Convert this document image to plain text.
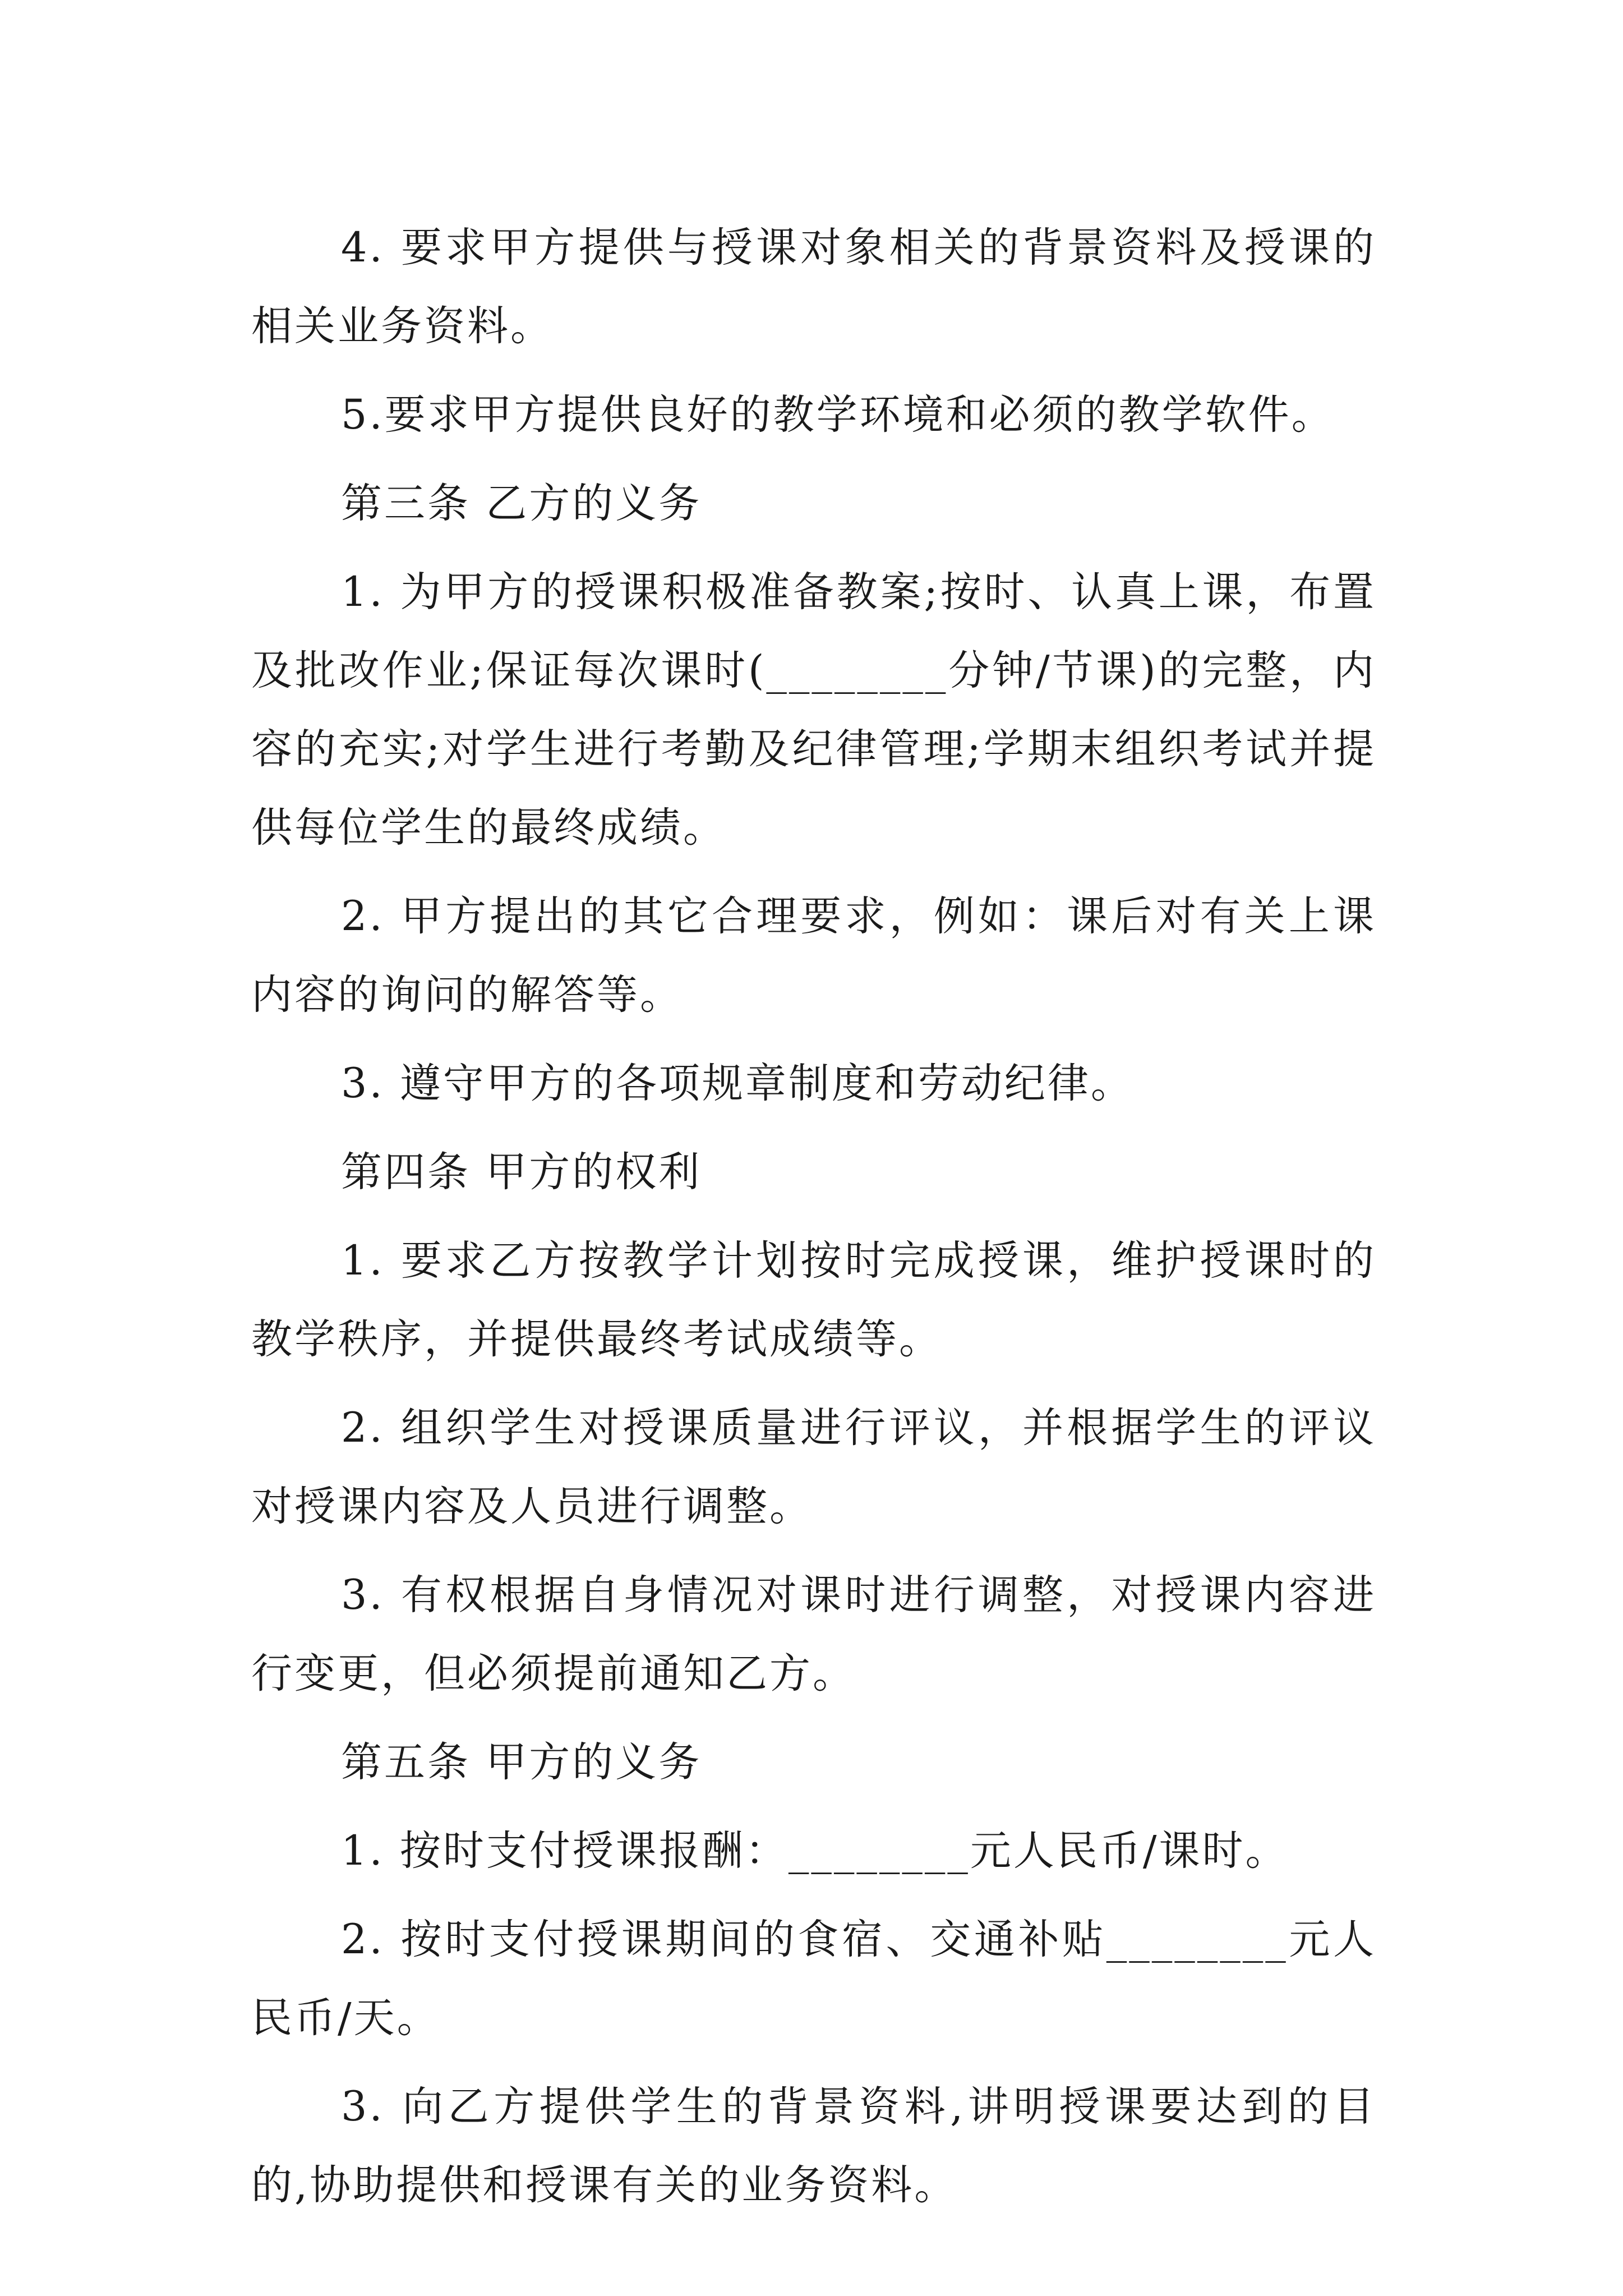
4. 要求甲方提供与授课对象相关的背景资料及授课的相关业务资料。

5.要求甲方提供良好的教学环境和必须的教学软件。

第三条 乙方的义务

1. 为甲方的授课积极准备教案;按时、认真上课，布置及批改作业;保证每次课时(________分钟/节课)的完整，内容的充实;对学生进行考勤及纪律管理;学期末组织考试并提供每位学生的最终成绩。

2. 甲方提出的其它合理要求，例如：课后对有关上课内容的询问的解答等。

3. 遵守甲方的各项规章制度和劳动纪律。

第四条 甲方的权利

1. 要求乙方按教学计划按时完成授课，维护授课时的教学秩序，并提供最终考试成绩等。

2. 组织学生对授课质量进行评议，并根据学生的评议对授课内容及人员进行调整。

3. 有权根据自身情况对课时进行调整，对授课内容进行变更，但必须提前通知乙方。

第五条 甲方的义务

1. 按时支付授课报酬：________元人民币/课时。

2. 按时支付授课期间的食宿、交通补贴________元人民币/天。

3. 向乙方提供学生的背景资料,讲明授课要达到的目的,协助提供和授课有关的业务资料。
